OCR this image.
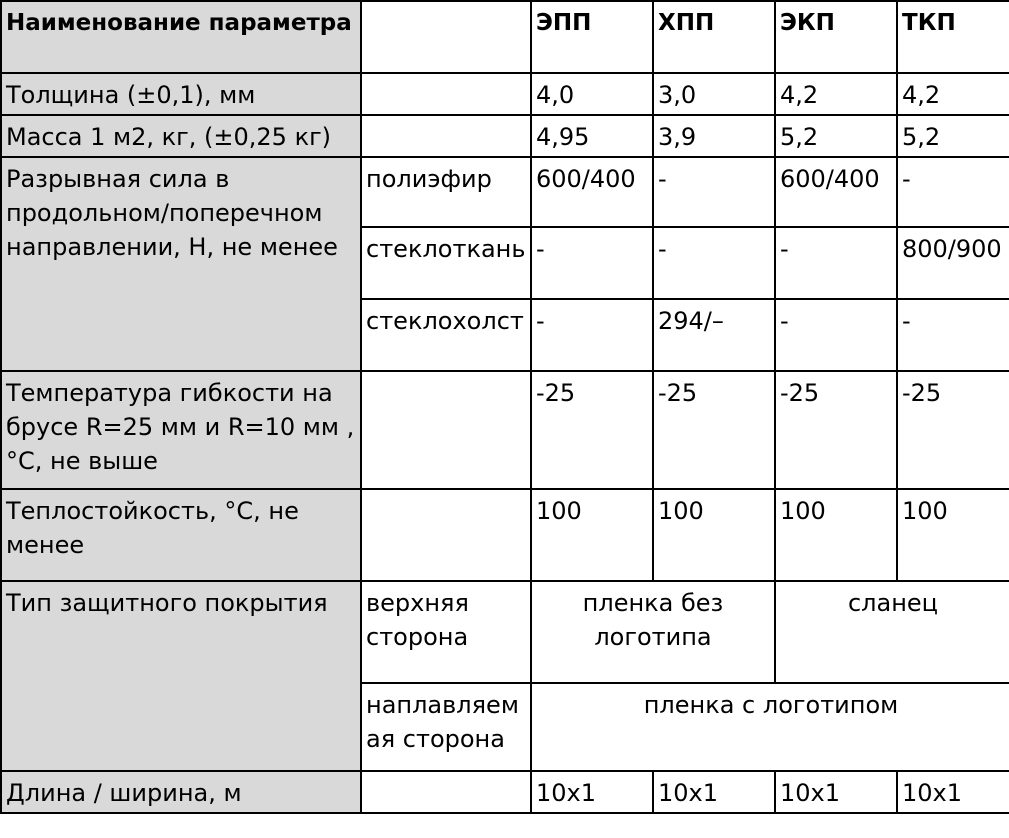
Наименование параметра		ЭПП	ХПП	ЭКП	ТКП
Толщина (±0,1), мм		4,0	3,0	4,2	4,2
Масса 1 м2, кг, (±0,25 кг)		4,95	3,9	5,2	5,2
Разрывная сила в продольном/поперечном направлении, Н, не менее	полиэфир	600/400	-	600/400	-
	стеклоткань	-	-	-	800/900
	стеклохолст	-	294/–	-	-
Температура гибкости на брусе R=25 мм и R=10 мм , °С, не выше		-25	-25	-25	-25
Теплостойкость, °С, не менее		100	100	100	100
Тип защитного покрытия	верхняя сторона	пленка без логотипа		сланец	
	наплавляемая сторона	пленка с логотипом			
Длина / ширина, м		10х1	10х1	10х1	10х1
